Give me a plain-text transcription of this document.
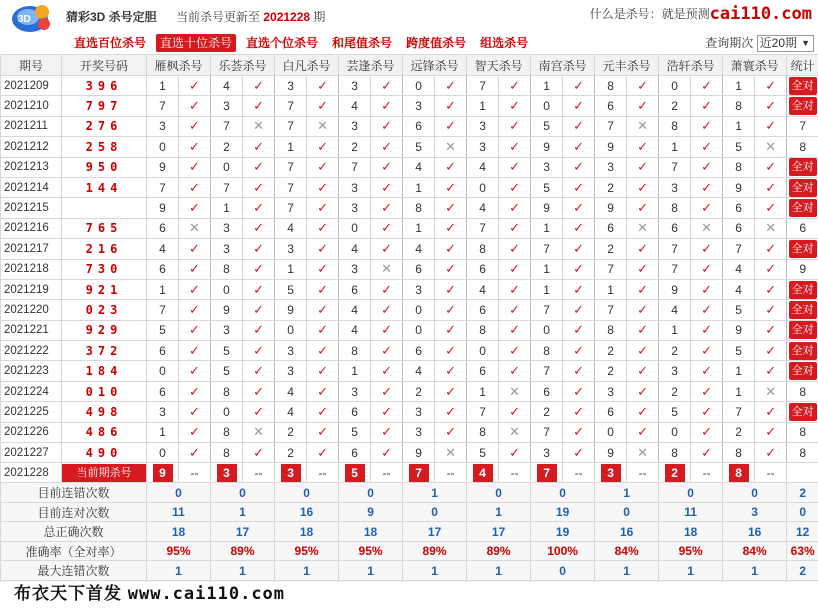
3D	猜彩3D 杀号定胆 当前杀号更新至 2021228 期	什么是杀号：就是预测cai110.com
直选百位杀号 直选十位杀号 直选个位杀号 和尾值杀号 跨度值杀号 组选杀号	查询期次 近20期 ▼
期号	开奖号码	雁枫杀号		乐荟杀号		白凡杀号		芸逢杀号		远锋杀号		智天杀号		南宫杀号		元丰杀号		浩轩杀号		萧寰杀号		统计
2021209	396	1	✓	4	✓	3	✓	3	✓	0	✓	7	✓	1	✓	8	✓	0	✓	1	✓	全对
2021210	797	7	✓	3	✓	7	✓	4	✓	3	✓	1	✓	0	✓	6	✓	2	✓	8	✓	全对
2021211	276	3	✓	7	✕	7	✕	3	✓	6	✓	3	✓	5	✓	7	✕	8	✓	1	✓	7
2021212	258	0	✓	2	✓	1	✓	2	✓	5	✕	3	✓	9	✓	9	✓	1	✓	5	✕	8
2021213	950	9	✓	0	✓	7	✓	7	✓	4	✓	4	✓	3	✓	3	✓	7	✓	8	✓	全对
2021214	144	7	✓	7	✓	7	✓	3	✓	1	✓	0	✓	5	✓	2	✓	3	✓	9	✓	全对
2021215		9	✓	1	✓	7	✓	3	✓	8	✓	4	✓	9	✓	9	✓	8	✓	6	✓	全对
2021216	765	6	✕	3	✓	4	✓	0	✓	1	✓	7	✓	1	✓	6	✕	6	✕	6	✕	6
2021217	216	4	✓	3	✓	3	✓	4	✓	4	✓	8	✓	7	✓	2	✓	7	✓	7	✓	全对
2021218	730	6	✓	8	✓	1	✓	3	✕	6	✓	6	✓	1	✓	7	✓	7	✓	4	✓	9
2021219	921	1	✓	0	✓	5	✓	6	✓	3	✓	4	✓	1	✓	1	✓	9	✓	4	✓	全对
2021220	023	7	✓	9	✓	9	✓	4	✓	0	✓	6	✓	7	✓	7	✓	4	✓	5	✓	全对
2021221	929	5	✓	3	✓	0	✓	4	✓	0	✓	8	✓	0	✓	8	✓	1	✓	9	✓	全对
2021222	372	6	✓	5	✓	3	✓	8	✓	6	✓	0	✓	8	✓	2	✓	2	✓	5	✓	全对
2021223	184	0	✓	5	✓	3	✓	1	✓	4	✓	6	✓	7	✓	2	✓	3	✓	1	✓	全对
2021224	010	6	✓	8	✓	4	✓	3	✓	2	✓	1	✕	6	✓	3	✓	2	✓	1	✕	8
2021225	498	3	✓	0	✓	4	✓	6	✓	3	✓	7	✓	2	✓	6	✓	5	✓	7	✓	全对
2021226	486	1	✓	8	✕	2	✓	5	✓	3	✓	8	✕	7	✓	0	✓	0	✓	2	✓	8
2021227	490	0	✓	8	✓	2	✓	6	✓	9	✕	5	✓	3	✓	9	✕	8	✓	8	✓	8
2021228	当前期杀号	9	--	3	--	3	--	5	--	7	--	4	--	7	--	3	--	2	--	8	--	
目前连错次数		0		0		0		0		1		0		0		1		0		0		2
目前连对次数		11		1		16		9		0		1		19		0		11		3		0
总正确次数		18		17		18		18		17		17		19		16		18		16		12
准确率（全对率）		95%		89%		95%		95%		89%		89%		100%		84%		95%		84%		63%
最大连错次数		1		1		1		1		1		1		0		1		1		1		2

布衣天下首发 www.cai110.com
